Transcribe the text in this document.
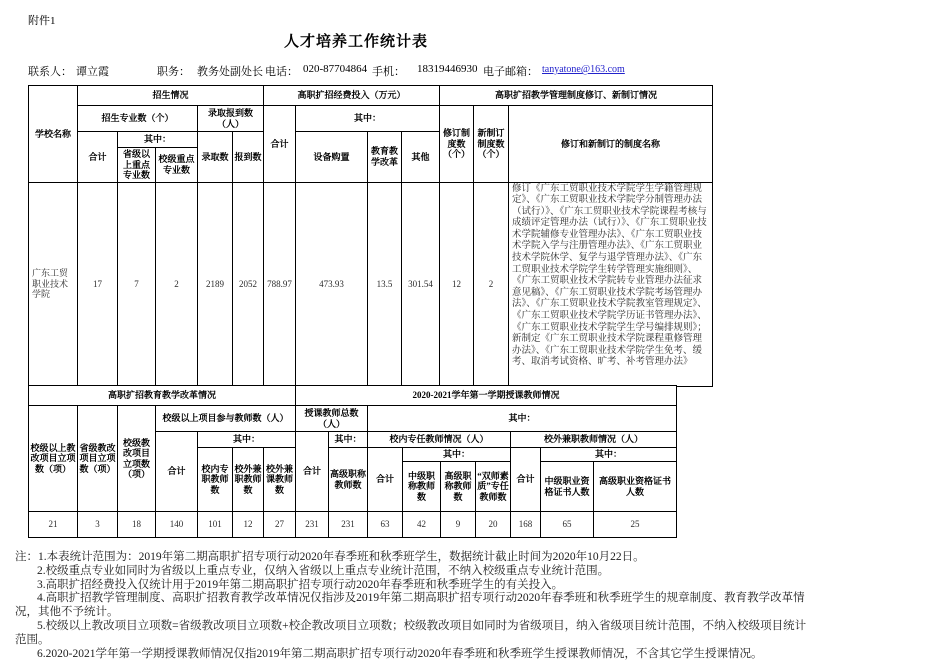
附件1
人才培养工作统计表
联系人： 谭立霞	职务： 教务处副处长 电话： 020-87704864 手机： 18319446930 电子邮箱： tanyatone@163.com
学校名称	招生情况					高职扩招经费投入（万元）				高职扩招教学管理制度修订、新制订情况		
	招生专业数（个）			录取报到数（人）		合计	其中：			修订制度数（个）	新制订制度数（个）	修订和新制订的制度名称
	合计	其中：		录取数	报到数		设备购置	教育教学改革	其他			
		省级以上重点专业数	校级重点专业数									
广东工贸职业技术学院	17	7	2	2189	2052	788.97	473.93	13.5	301.54	12	2	修订《广东工贸职业技术学院学生学籍管理规定》、《广东工贸职业技术学院学分制管理办法（试行）》、《广东工贸职业技术学院课程考核与成绩评定管理办法（试行）》、《广东工贸职业技术学院辅修专业管理办法》、《广东工贸职业技术学院入学与注册管理办法》、《广东工贸职业技术学院休学、复学与退学管理办法》、《广东工贸职业技术学院学生转学管理实施细则》、《广东工贸职业技术学院转专业管理办法征求意见稿》、《广东工贸职业技术学院考场管理办法》、《广东工贸职业技术学院教室管理规定》、《广东工贸职业技术学院学历证书管理办法》、《广东工贸职业技术学院学生学号编排规则》；新制定《广东工贸职业技术学院课程重修管理办法》、《广东工贸职业技术学院学生免考、缓考、取消考试资格、旷考、补考管理办法》
高职扩招教育教学改革情况							2020-2021学年第一学期授课教师情况								
校级以上教改项目立项数（项）	省级教改项目立项数（项）	校级教改项目立项数（项）	校级以上项目参与教师数（人）				授课教师总数（人）		其中：						
			合计	其中：			合计	其中：	校内专任教师情况（人）				校外兼职教师情况（人）		
				校内专职教师数	校外兼职教师数	校外兼课教师数		高级职称教师数	合计	其中：			合计	其中：	
										中级职称教师数	高级职称教师数	“双师素质”专任教师数		中级职业资格证书人数	高级职业资格证书人数
21	3	18	140	101	12	27	231	231	63	42	9	20	168	65	25
注：1.本表统计范围为：2019年第二期高职扩招专项行动2020年春季班和秋季班学生，数据统计截止时间为2020年10月22日。
2.校级重点专业如同时为省级以上重点专业，仅纳入省级以上重点专业统计范围，不纳入校级重点专业统计范围。
3.高职扩招经费投入仅统计用于2019年第二期高职扩招专项行动2020年春季班和秋季班学生的有关投入。
4.高职扩招教学管理制度、高职扩招教育教学改革情况仅指涉及2019年第二期高职扩招专项行动2020年春季班和秋季班学生的规章制度、教育教学改革情况，其他不予统计。
5.校级以上教改项目立项数=省级教改项目立项数+校企教改项目立项数；校级教改项目如同时为省级项目，纳入省级项目统计范围，不纳入校级项目统计范围。
6.2020-2021学年第一学期授课教师情况仅指2019年第二期高职扩招专项行动2020年春季班和秋季班学生授课教师情况，不含其它学生授课情况。
